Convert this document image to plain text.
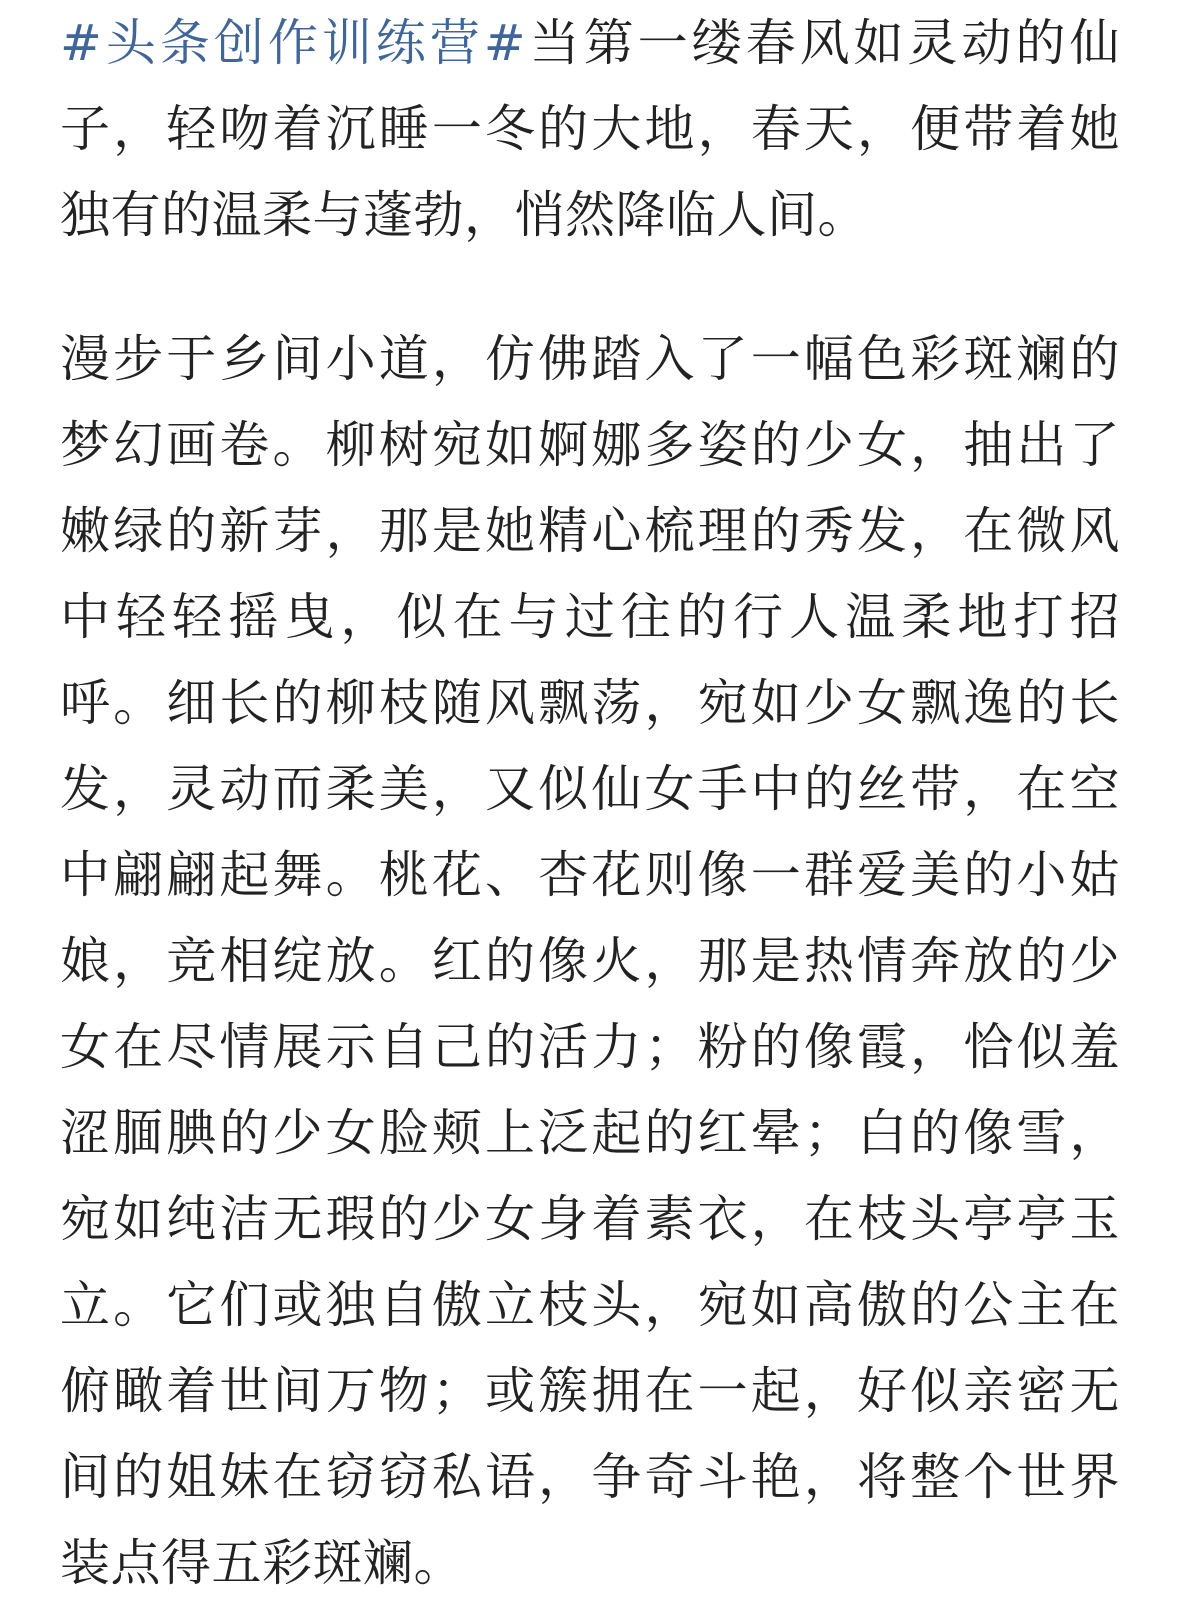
#头条创作训练营#当第一缕春风如灵动的仙子，轻吻着沉睡一冬的大地，春天，便带着她独有的温柔与蓬勃，悄然降临人间。

漫步于乡间小道，仿佛踏入了一幅色彩斑斓的梦幻画卷。柳树宛如婀娜多姿的少女，抽出了嫩绿的新芽，那是她精心梳理的秀发，在微风中轻轻摇曳，似在与过往的行人温柔地打招呼。细长的柳枝随风飘荡，宛如少女飘逸的长发，灵动而柔美，又似仙女手中的丝带，在空中翩翩起舞。桃花、杏花则像一群爱美的小姑娘，竞相绽放。红的像火，那是热情奔放的少女在尽情展示自己的活力；粉的像霞，恰似羞涩腼腆的少女脸颊上泛起的红晕；白的像雪，宛如纯洁无瑕的少女身着素衣，在枝头亭亭玉立。它们或独自傲立枝头，宛如高傲的公主在俯瞰着世间万物；或簇拥在一起，好似亲密无间的姐妹在窃窃私语，争奇斗艳，将整个世界装点得五彩斑斓。
